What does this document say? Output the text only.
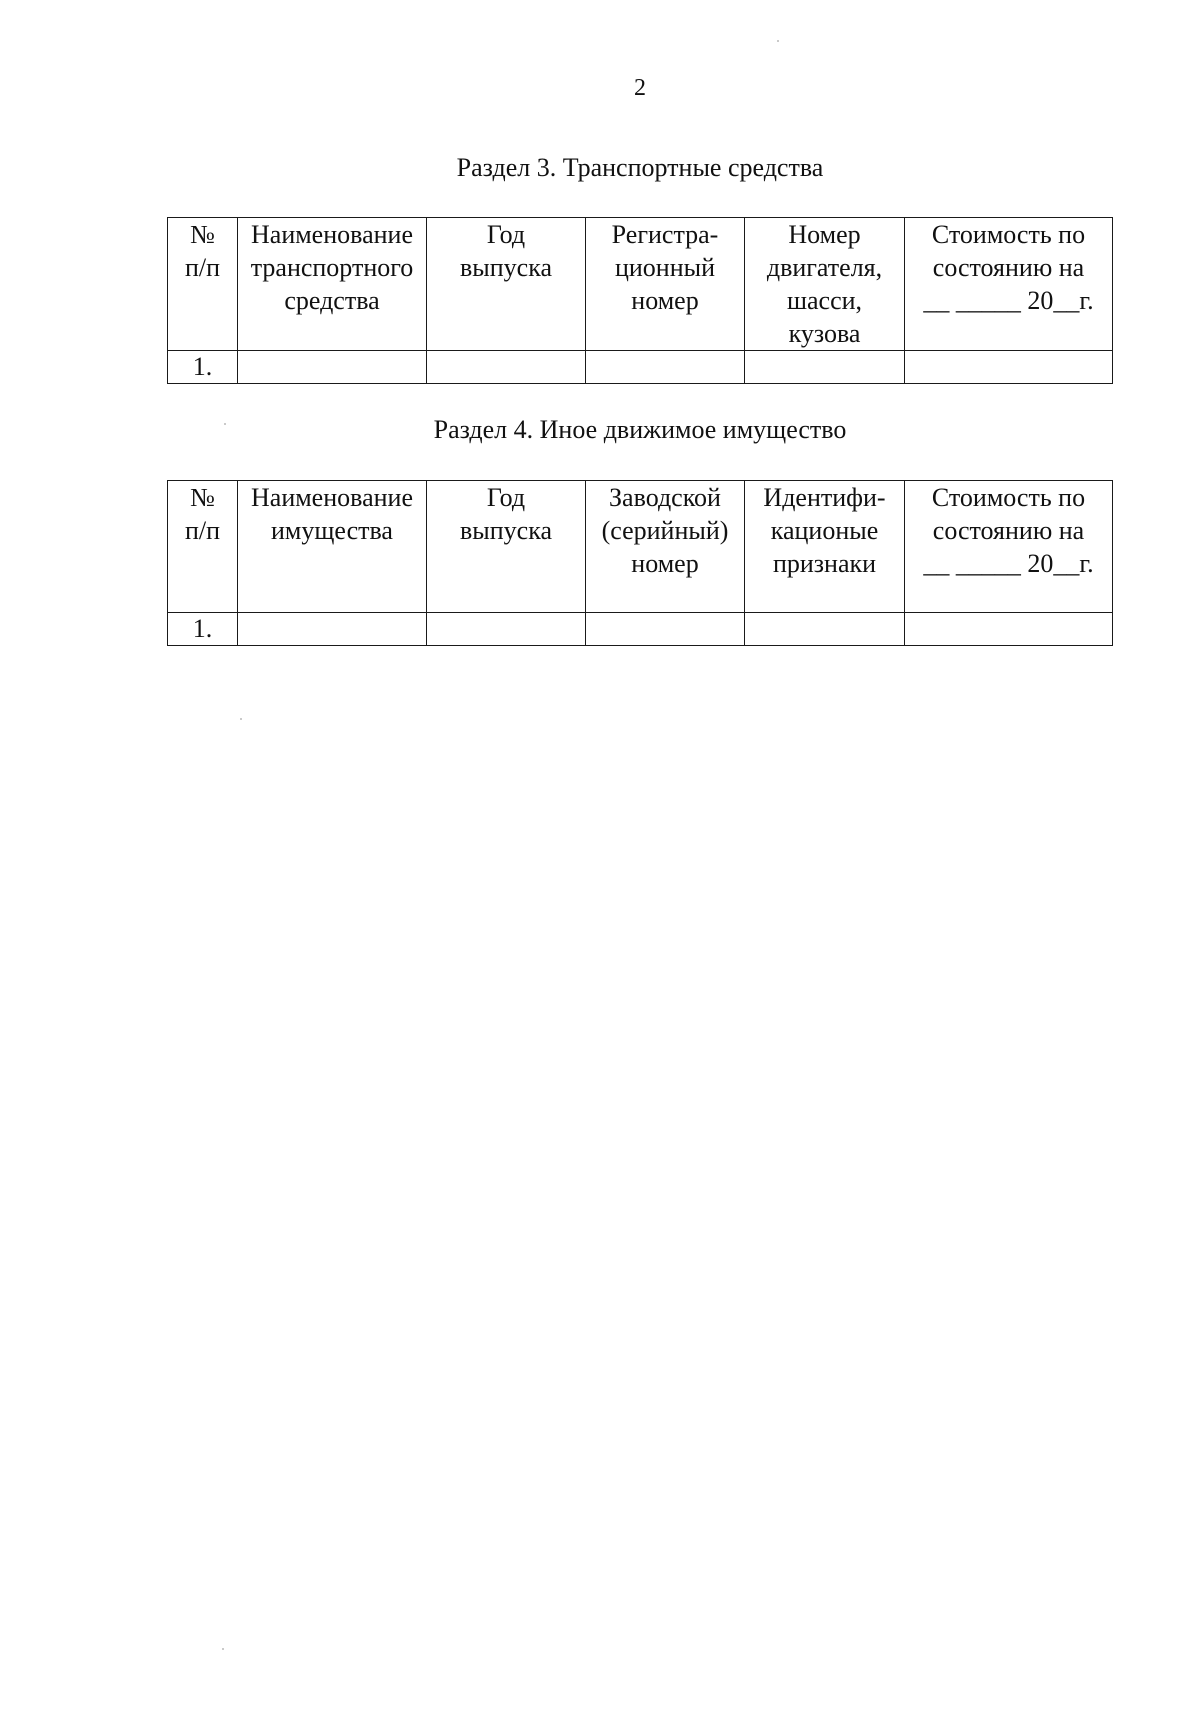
2
Раздел 3. Транспортные средства
№
п/п	Наименование
транспортного
средства	Год
выпуска	Регистра-
ционный
номер	Номер
двигателя,
шасси,
кузова	Стоимость по
состоянию на
__ _____ 20__г.

1.					
Раздел 4. Иное движимое имущество
№
п/п	Наименование
имущества	Год
выпуска	Заводской
(серийный)
номер	Идентифи-
кационые
признаки	Стоимость по
состоянию на
__ _____ 20__г.

1.					
